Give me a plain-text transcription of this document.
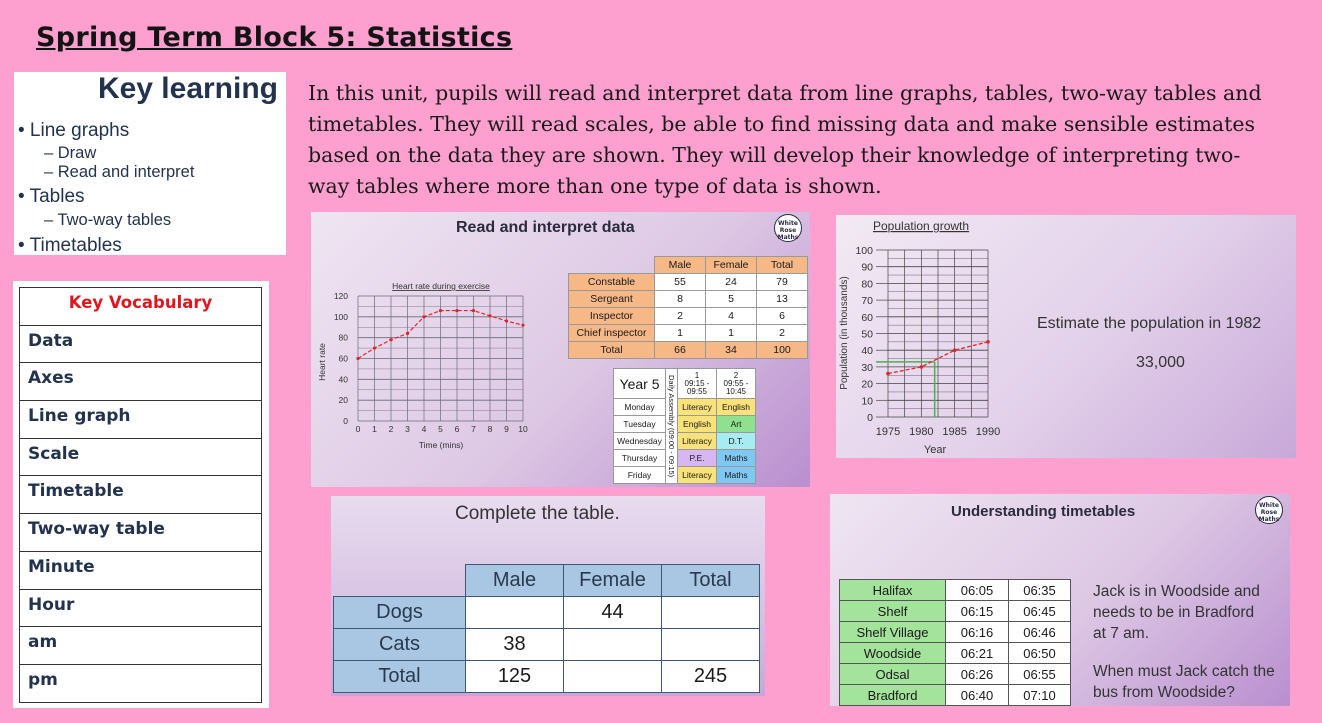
Spring Term Block 5: Statistics
In this unit, pupils will read and interpret data from line graphs, tables, two-way tables and timetables. They will read scales, be able to find missing data and make sensible estimates based on the data they are shown. They will develop their knowledge of interpreting two-way tables where more than one type of data is shown.
Key learning
• Line graphs
– Draw
– Read and interpret
• Tables
– Two-way tables
• Timetables
Key Vocabulary
Data
Axes
Line graph
Scale
Timetable
Two-way table
Minute
Hour
am
pm
Read and interpret data	White
Rose
Maths
Heart rate during exercise
Time (mins)
Heart rate
0 1 2 3 4 5 6 7 8 9 10
0
20
40
60
80
100
120
	Male	Female	Total
Constable	55	24	79
Sergeant	8	5	13
Inspector	2	4	6
Chief inspector	1	1	2
Total	66	34	100
Year 5	Daily Assembly (09:00 - 09:15)	1
09:15 -
09:55	2
09:55 -
10:45
Monday		Literacy	English
Tuesday		English	Art
Wednesday		Literacy	D.T.
Thursday		P.E.	Maths
Friday		Literacy	Maths
Population growth
Year
Population (in thousands)
1975 1980 1985 1990
0
10
20
30
40
50
60
70
80
90
100
Estimate the population in 1982
33,000
Complete the table.
	Male	Female	Total
Dogs		44	
Cats	38		
Total	125		245
Understanding timetables	White
Rose
Maths
Halifax	06:05	06:35
Shelf	06:15	06:45
Shelf Village	06:16	06:46
Woodside	06:21	06:50
Odsal	06:26	06:55
Bradford	06:40	07:10
Jack is in Woodside and
needs to be in Bradford
at 7 am.
When must Jack catch the
bus from Woodside?
